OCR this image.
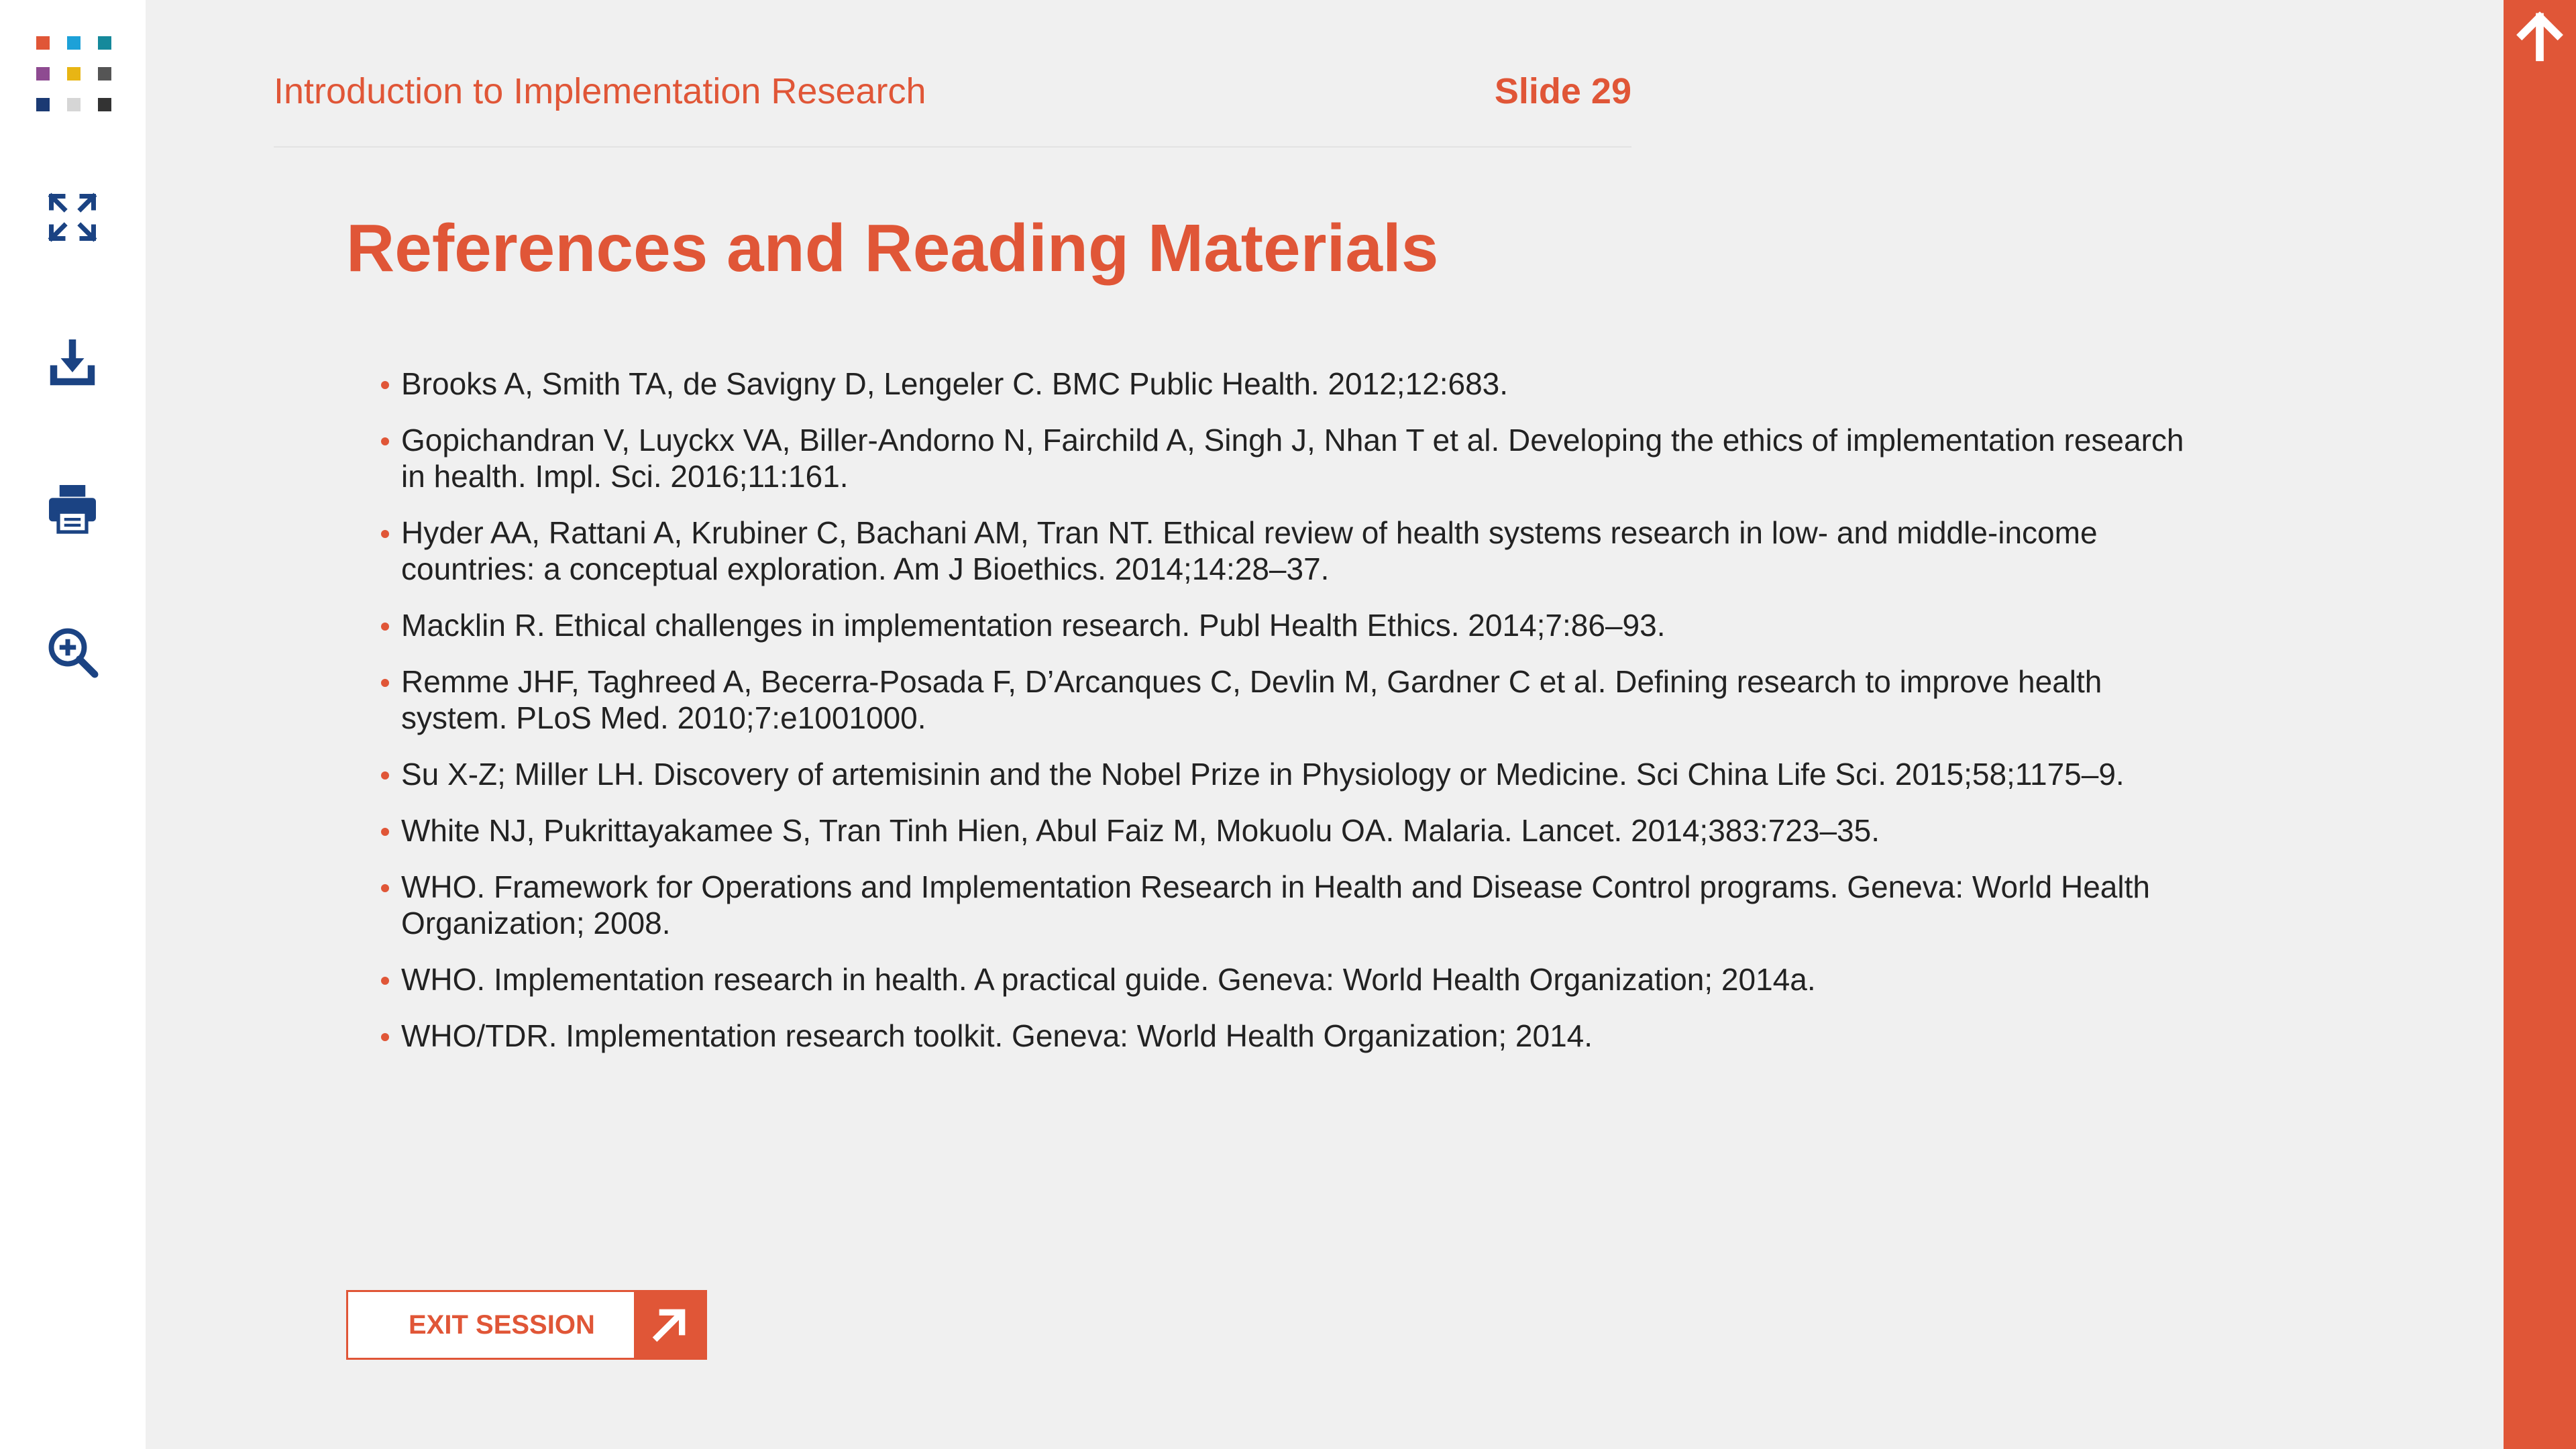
Introduction to Implementation Research	Slide 29
References and Reading Materials
Brooks A, Smith TA, de Savigny D, Lengeler C. BMC Public Health. 2012;12:683.
Gopichandran V, Luyckx VA, Biller-Andorno N, Fairchild A, Singh J, Nhan T et al. Developing the ethics of implementation research in health. Impl. Sci. 2016;11:161.
Hyder AA, Rattani A, Krubiner C, Bachani AM, Tran NT. Ethical review of health systems research in low- and middle-income countries: a conceptual exploration. Am J Bioethics. 2014;14:28–37.
Macklin R. Ethical challenges in implementation research. Publ Health Ethics. 2014;7:86–93.
Remme JHF, Taghreed A, Becerra-Posada F, D’Arcanques C, Devlin M, Gardner C et al. Defining research to improve health system. PLoS Med. 2010;7:e1001000.
Su X-Z; Miller LH. Discovery of artemisinin and the Nobel Prize in Physiology or Medicine. Sci China Life Sci. 2015;58;1175–9.
White NJ, Pukrittayakamee S, Tran Tinh Hien, Abul Faiz M, Mokuolu OA. Malaria. Lancet. 2014;383:723–35.
WHO. Framework for Operations and Implementation Research in Health and Disease Control programs. Geneva: World Health Organization; 2008.
WHO. Implementation research in health. A practical guide. Geneva: World Health Organization; 2014a.
WHO/TDR. Implementation research toolkit. Geneva: World Health Organization; 2014.
EXIT SESSION
